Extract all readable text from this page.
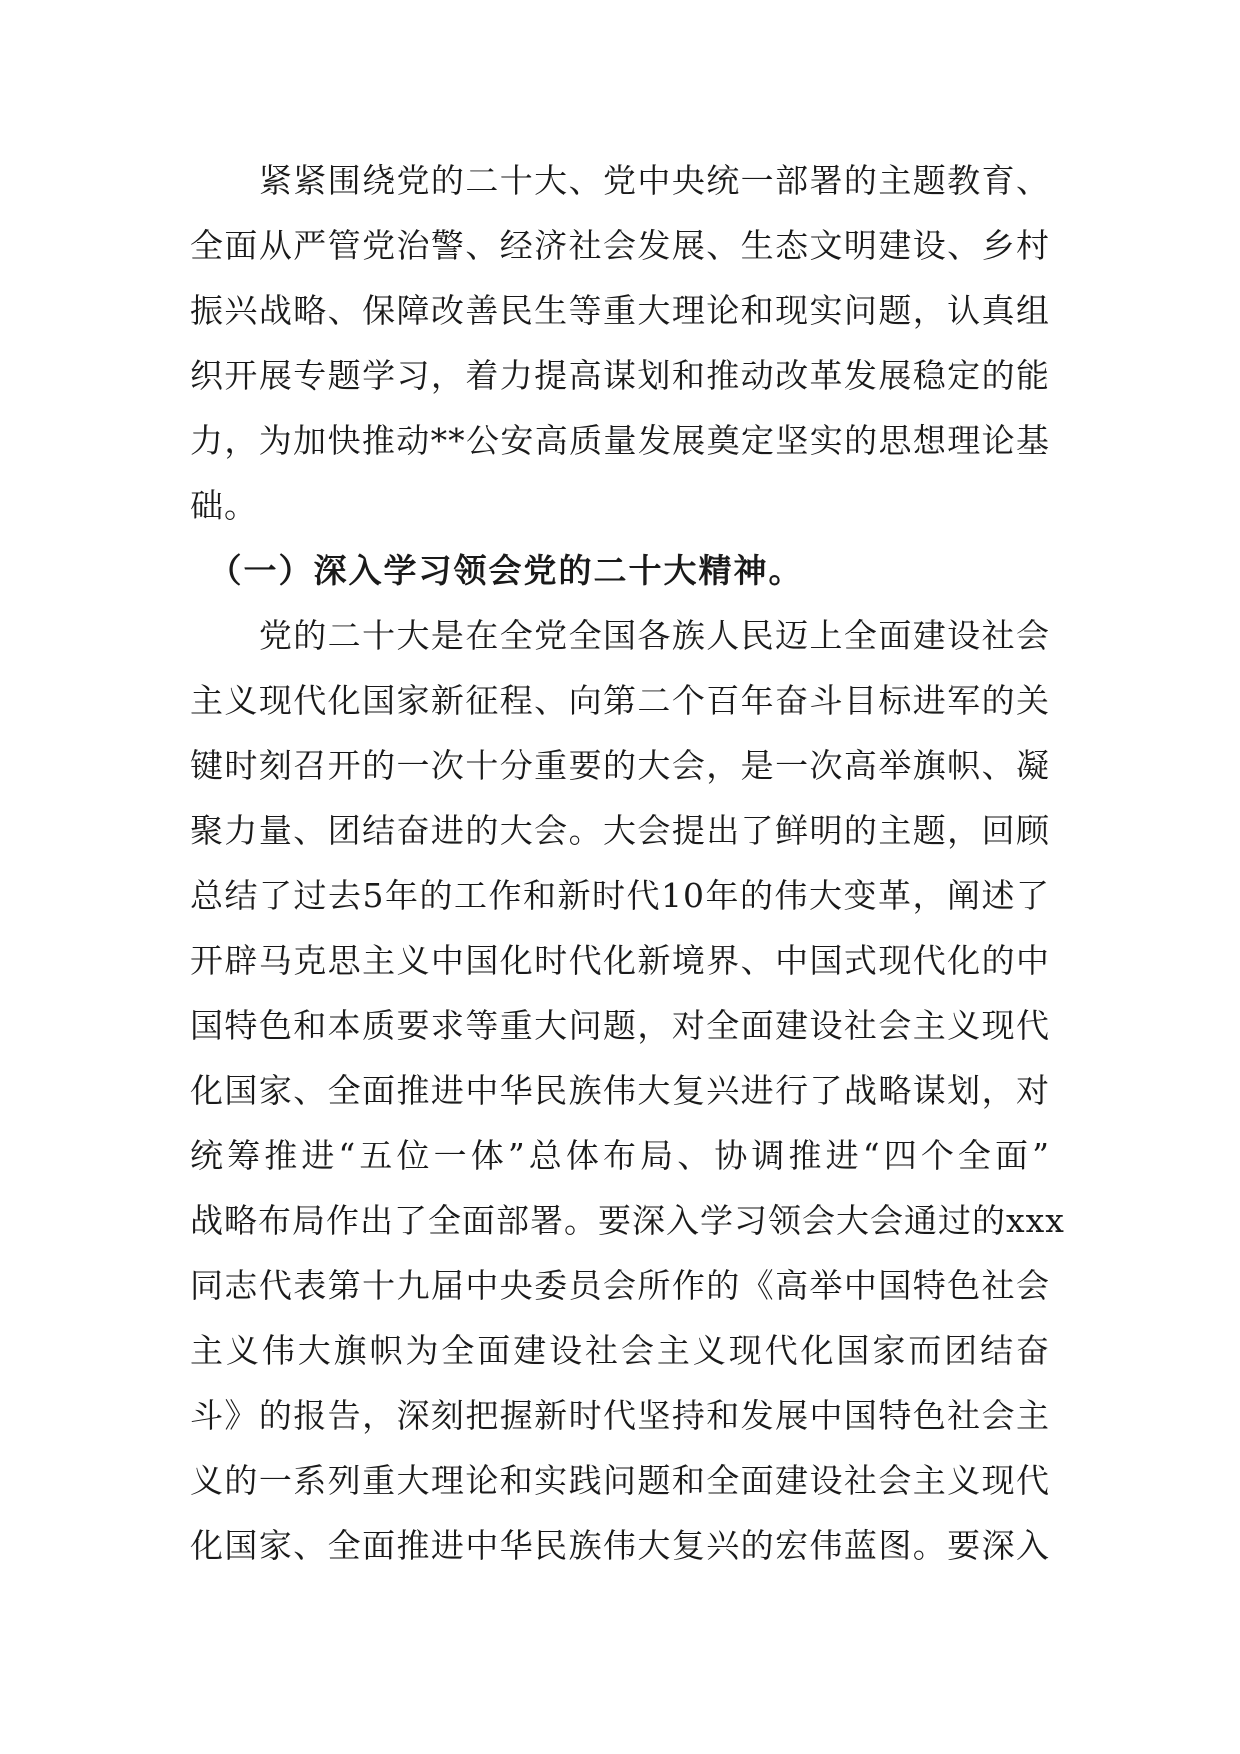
　　紧紧围绕党的二十大、党中央统一部署的主题教育、
全面从严管党治警、经济社会发展、生态文明建设、乡村
振兴战略、保障改善民生等重大理论和现实问题，认真组
织开展专题学习，着力提高谋划和推动改革发展稳定的能
力，为加快推动**公安高质量发展奠定坚实的思想理论基
础。
　（一）深入学习领会党的二十大精神。
　　党的二十大是在全党全国各族人民迈上全面建设社会
主义现代化国家新征程、向第二个百年奋斗目标进军的关
键时刻召开的一次十分重要的大会，是一次高举旗帜、凝
聚力量、团结奋进的大会。大会提出了鲜明的主题，回顾
总结了过去5年的工作和新时代10年的伟大变革，阐述了
开辟马克思主义中国化时代化新境界、中国式现代化的中
国特色和本质要求等重大问题，对全面建设社会主义现代
化国家、全面推进中华民族伟大复兴进行了战略谋划，对
统筹推进“五位一体”总体布局、协调推进“四个全面”
战略布局作出了全面部署。要深入学习领会大会通过的xxx
同志代表第十九届中央委员会所作的《高举中国特色社会
主义伟大旗帜为全面建设社会主义现代化国家而团结奋
斗》的报告，深刻把握新时代坚持和发展中国特色社会主
义的一系列重大理论和实践问题和全面建设社会主义现代
化国家、全面推进中华民族伟大复兴的宏伟蓝图。要深入
